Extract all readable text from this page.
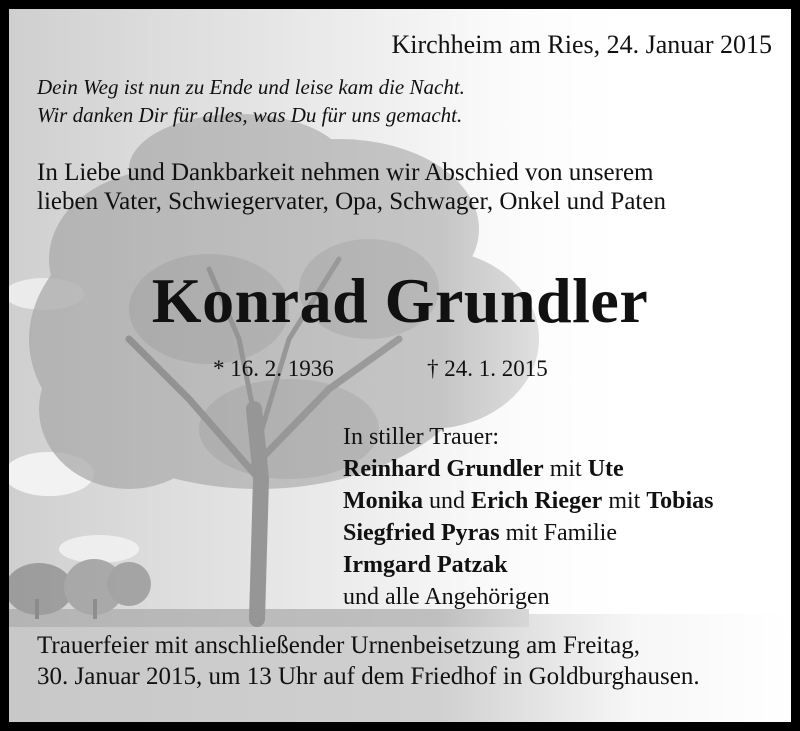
Kirchheim am Ries, 24. Januar 2015
Dein Weg ist nun zu Ende und leise kam die Nacht.
Wir danken Dir für alles, was Du für uns gemacht.
In Liebe und Dankbarkeit nehmen wir Abschied von unserem
lieben Vater, Schwiegervater, Opa, Schwager, Onkel und Paten
Konrad Grundler
* 16. 2. 1936	† 24. 1. 2015
In stiller Trauer:
Reinhard Grundler mit Ute
Monika und Erich Rieger mit Tobias
Siegfried Pyras mit Familie
Irmgard Patzak
und alle Angehörigen
Trauerfeier mit anschließender Urnenbeisetzung am Freitag,
30. Januar 2015, um 13 Uhr auf dem Friedhof in Goldburghausen.
